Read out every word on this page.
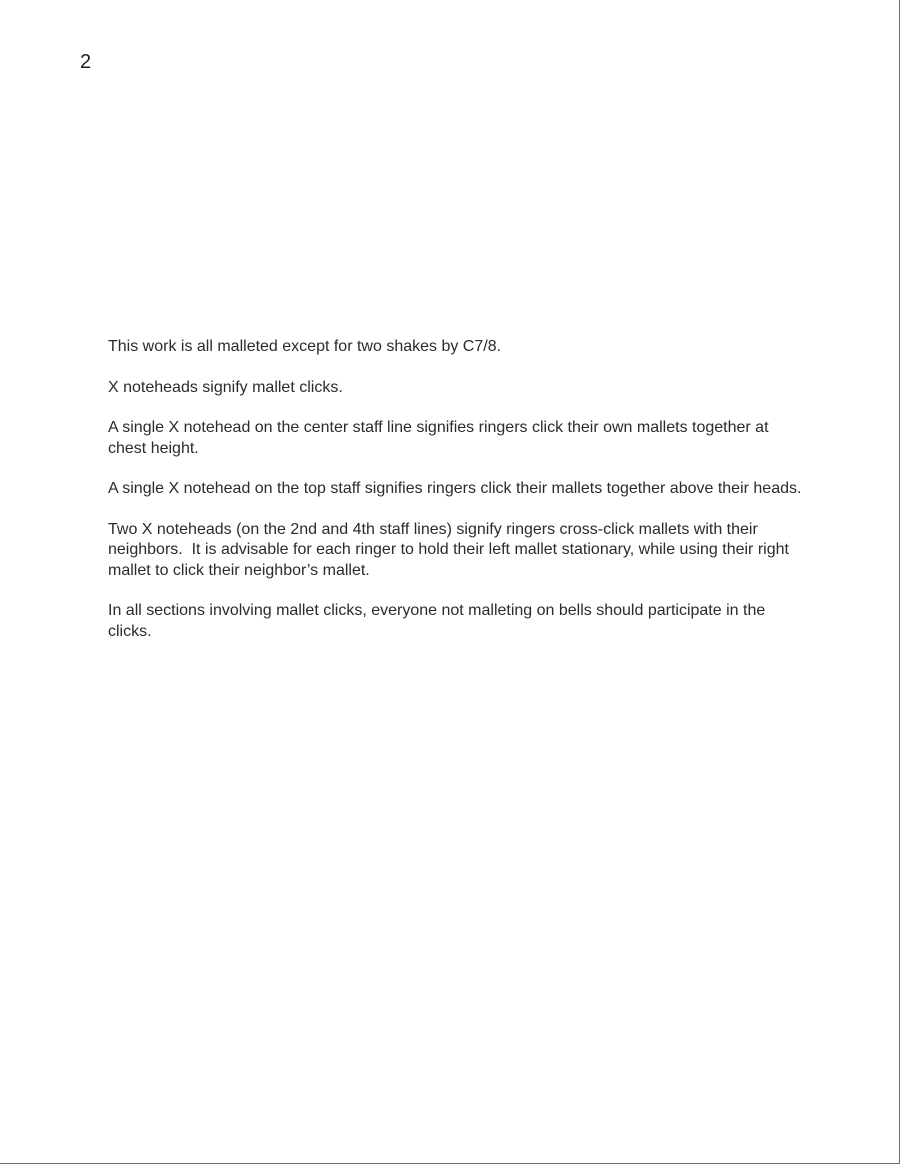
2

This work is all malleted except for two shakes by C7/8.

X noteheads signify mallet clicks.

A single X notehead on the center staff line signifies ringers click their own mallets together at chest height.

A single X notehead on the top staff signifies ringers click their mallets together above their heads.

Two X noteheads (on the 2nd and 4th staff lines) signify ringers cross-click mallets with their neighbors.  It is advisable for each ringer to hold their left mallet stationary, while using their right mallet to click their neighbor’s mallet.

In all sections involving mallet clicks, everyone not malleting on bells should participate in the clicks.
